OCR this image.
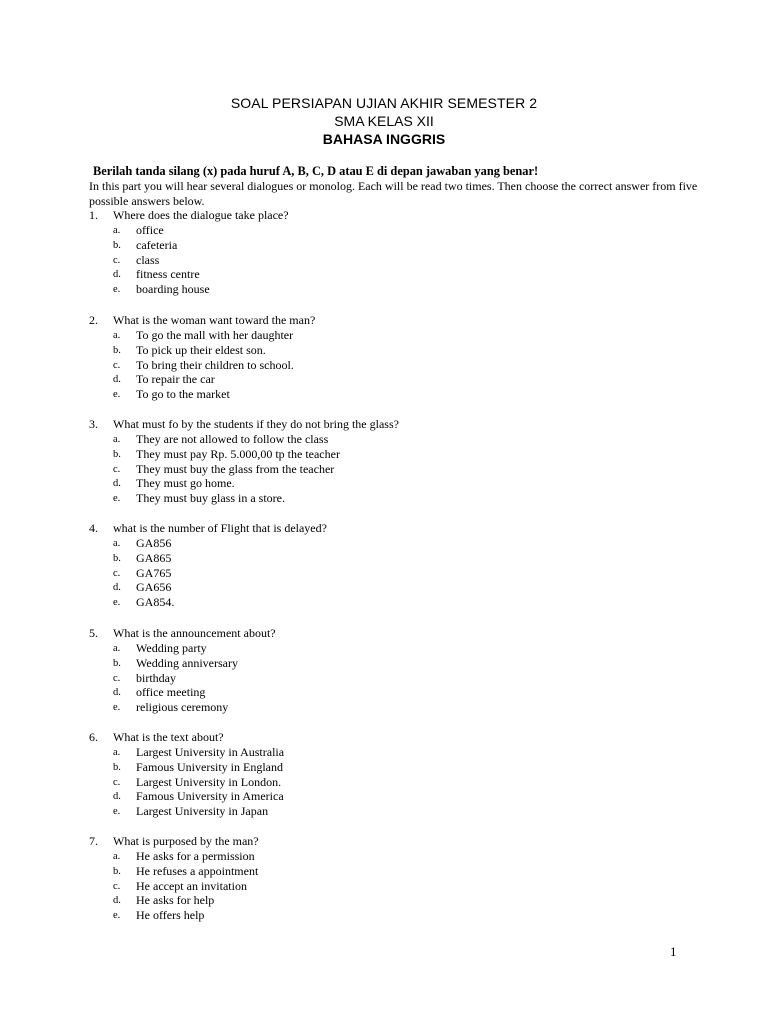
SOAL PERSIAPAN UJIAN AKHIR SEMESTER 2
SMA KELAS XII
BAHASA INGGRIS
Berilah tanda silang (x) pada huruf A, B, C, D atau E di depan jawaban yang benar!
In this part you will hear several dialogues or monolog. Each will be read two times. Then choose the correct answer from five possible answers below.
1. Where does the dialogue take place?
a. office
b. cafeteria
c. class
d. fitness centre
e. boarding house
2. What is the woman want toward the man?
a. To go the mall with her daughter
b. To pick up their eldest son.
c. To bring their children to school.
d. To repair the car
e. To go to the market
3. What must fo by the students if they do not bring the glass?
a. They are not allowed to follow the class
b. They must pay Rp. 5.000,00 tp the teacher
c. They must buy the glass from the teacher
d. They must go home.
e. They must buy glass in a store.
4. what is the number of Flight that is delayed?
a. GA856
b. GA865
c. GA765
d. GA656
e. GA854.
5. What is the announcement about?
a. Wedding party
b. Wedding anniversary
c. birthday
d. office meeting
e. religious ceremony
6. What is the text about?
a. Largest University in Australia
b. Famous University in England
c. Largest University in London.
d. Famous University in America
e. Largest University in Japan
7. What is purposed by the man?
a. He asks for a permission
b. He refuses a appointment
c. He accept an invitation
d. He asks for help
e. He offers help
1
